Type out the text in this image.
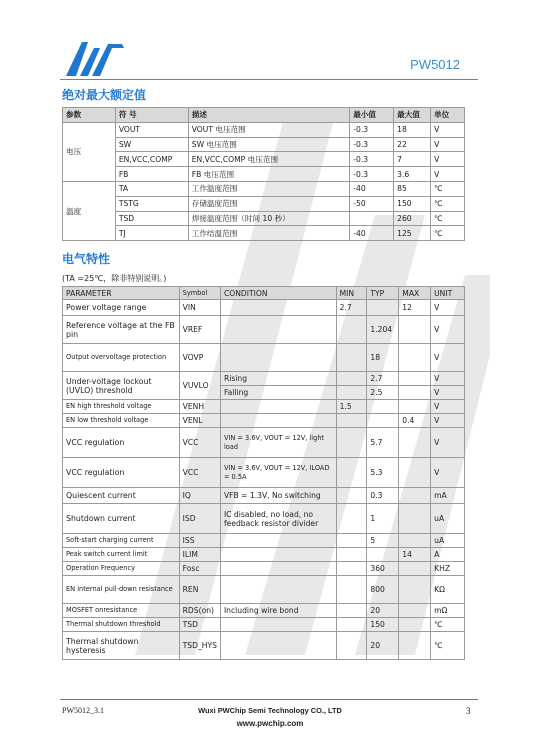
PW5012
绝对最大额定值
参数	符 号	描述	最小值	最大值	单位
电压	VOUT	VOUT 电压范围	-0.3	18	V
	SW	SW 电压范围	-0.3	22	V
	EN,VCC,COMP	EN,VCC,COMP 电压范围	-0.3	7	V
	FB	FB 电压范围	-0.3	3.6	V
温度	TA	工作温度范围	-40	85	℃
	TSTG	存储温度范围	-50	150	℃
	TSD	焊接温度范围（时间 10 秒）		260	℃
	TJ	工作结温范围	-40	125	℃
电气特性
(TA =25℃，除非特别说明。)
PARAMETER	Symbol	CONDITION	MIN	TYP	MAX	UNIT
Power voltage range	VIN		2.7		12	V
Reference voltage at the FB pin	VREF			1.204		V
Output overvoltage protection	VOVP			18		V
Under-voltage lockout (UVLO) threshold	VUVLO	Rising		2.7		V
		Falling		2.5		V
EN high threshold voltage	VENH		1.5			V
EN low threshold voltage	VENL				0.4	V
VCC regulation	VCC	VIN = 3.6V, VOUT = 12V, light load		5.7		V
VCC regulation	VCC	VIN = 3.6V, VOUT = 12V, ILOAD = 0.5A		5.3		V
Quiescent current	IQ	VFB = 1.3V, No switching		0.3		mA
Shutdown current	ISD	IC disabled, no load, no feedback resistor divider		1		uA
Soft-start charging current	ISS			5		uA
Peak switch current limit	ILIM				14	A
Operation Frequency	Fosc			360		KHZ
EN internal pull-down resistance	REN			800		KΩ
MOSFET onresistance	RDS(on)	Including wire bond		20		mΩ
Thermal shutdown threshold	TSD			150		℃
Thermal shutdown hysteresis	TSD_HYS			20		℃
PW5012_3.1	Wuxi PWChip Semi Technology CO., LTD
www.pwchip.com
3
